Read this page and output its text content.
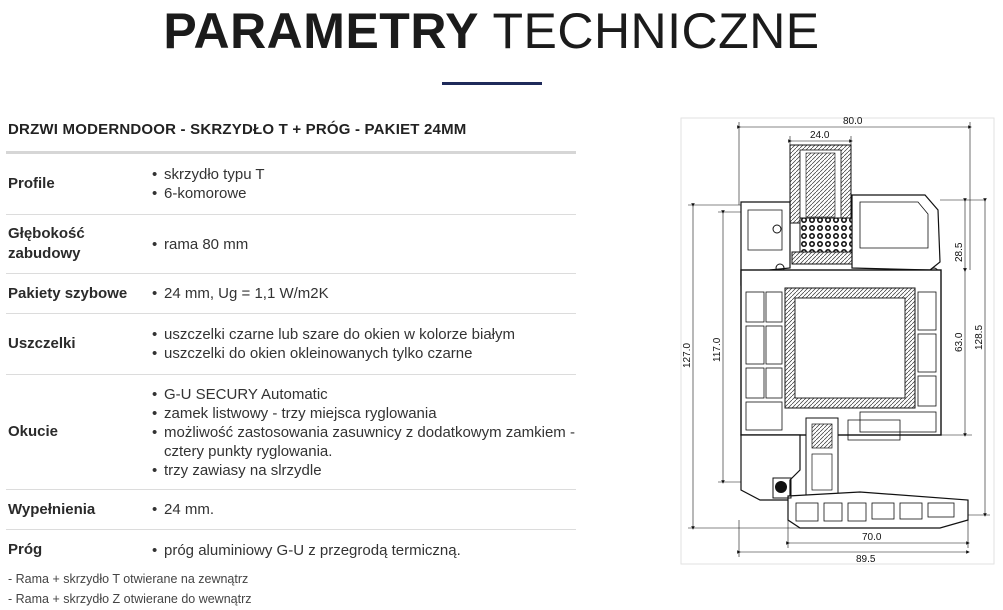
PARAMETRY TECHNICZNE
DRZWI MODERNDOOR - SKRZYDŁO T + PRÓG - PAKIET 24MM
Profile
• skrzydło typu T
• 6-komorowe
Głębokość zabudowy
• rama 80 mm
Pakiety szybowe	• 24 mm, Ug = 1,1 W/m2K
Uszczelki
• uszczelki czarne lub szare do okien w kolorze białym
• uszczelki do okien okleinowanych tylko czarne
Okucie
• G-U SECURY Automatic
• zamek listwowy - trzy miejsca ryglowania
• możliwość zastosowania zasuwnicy z dodatkowym zamkiem - cztery punkty ryglowania.
• trzy zawiasy na slrzydle
Wypełnienia	• 24 mm.
Próg	• próg aluminiowy G-U z przegrodą termiczną.
- Rama + skrzydło T otwierane na zewnątrz
- Rama + skrzydło Z otwierane do wewnątrz
80.0
24.0
127.0 117.0
28.5
63.0 128.5
70.0
89.5
